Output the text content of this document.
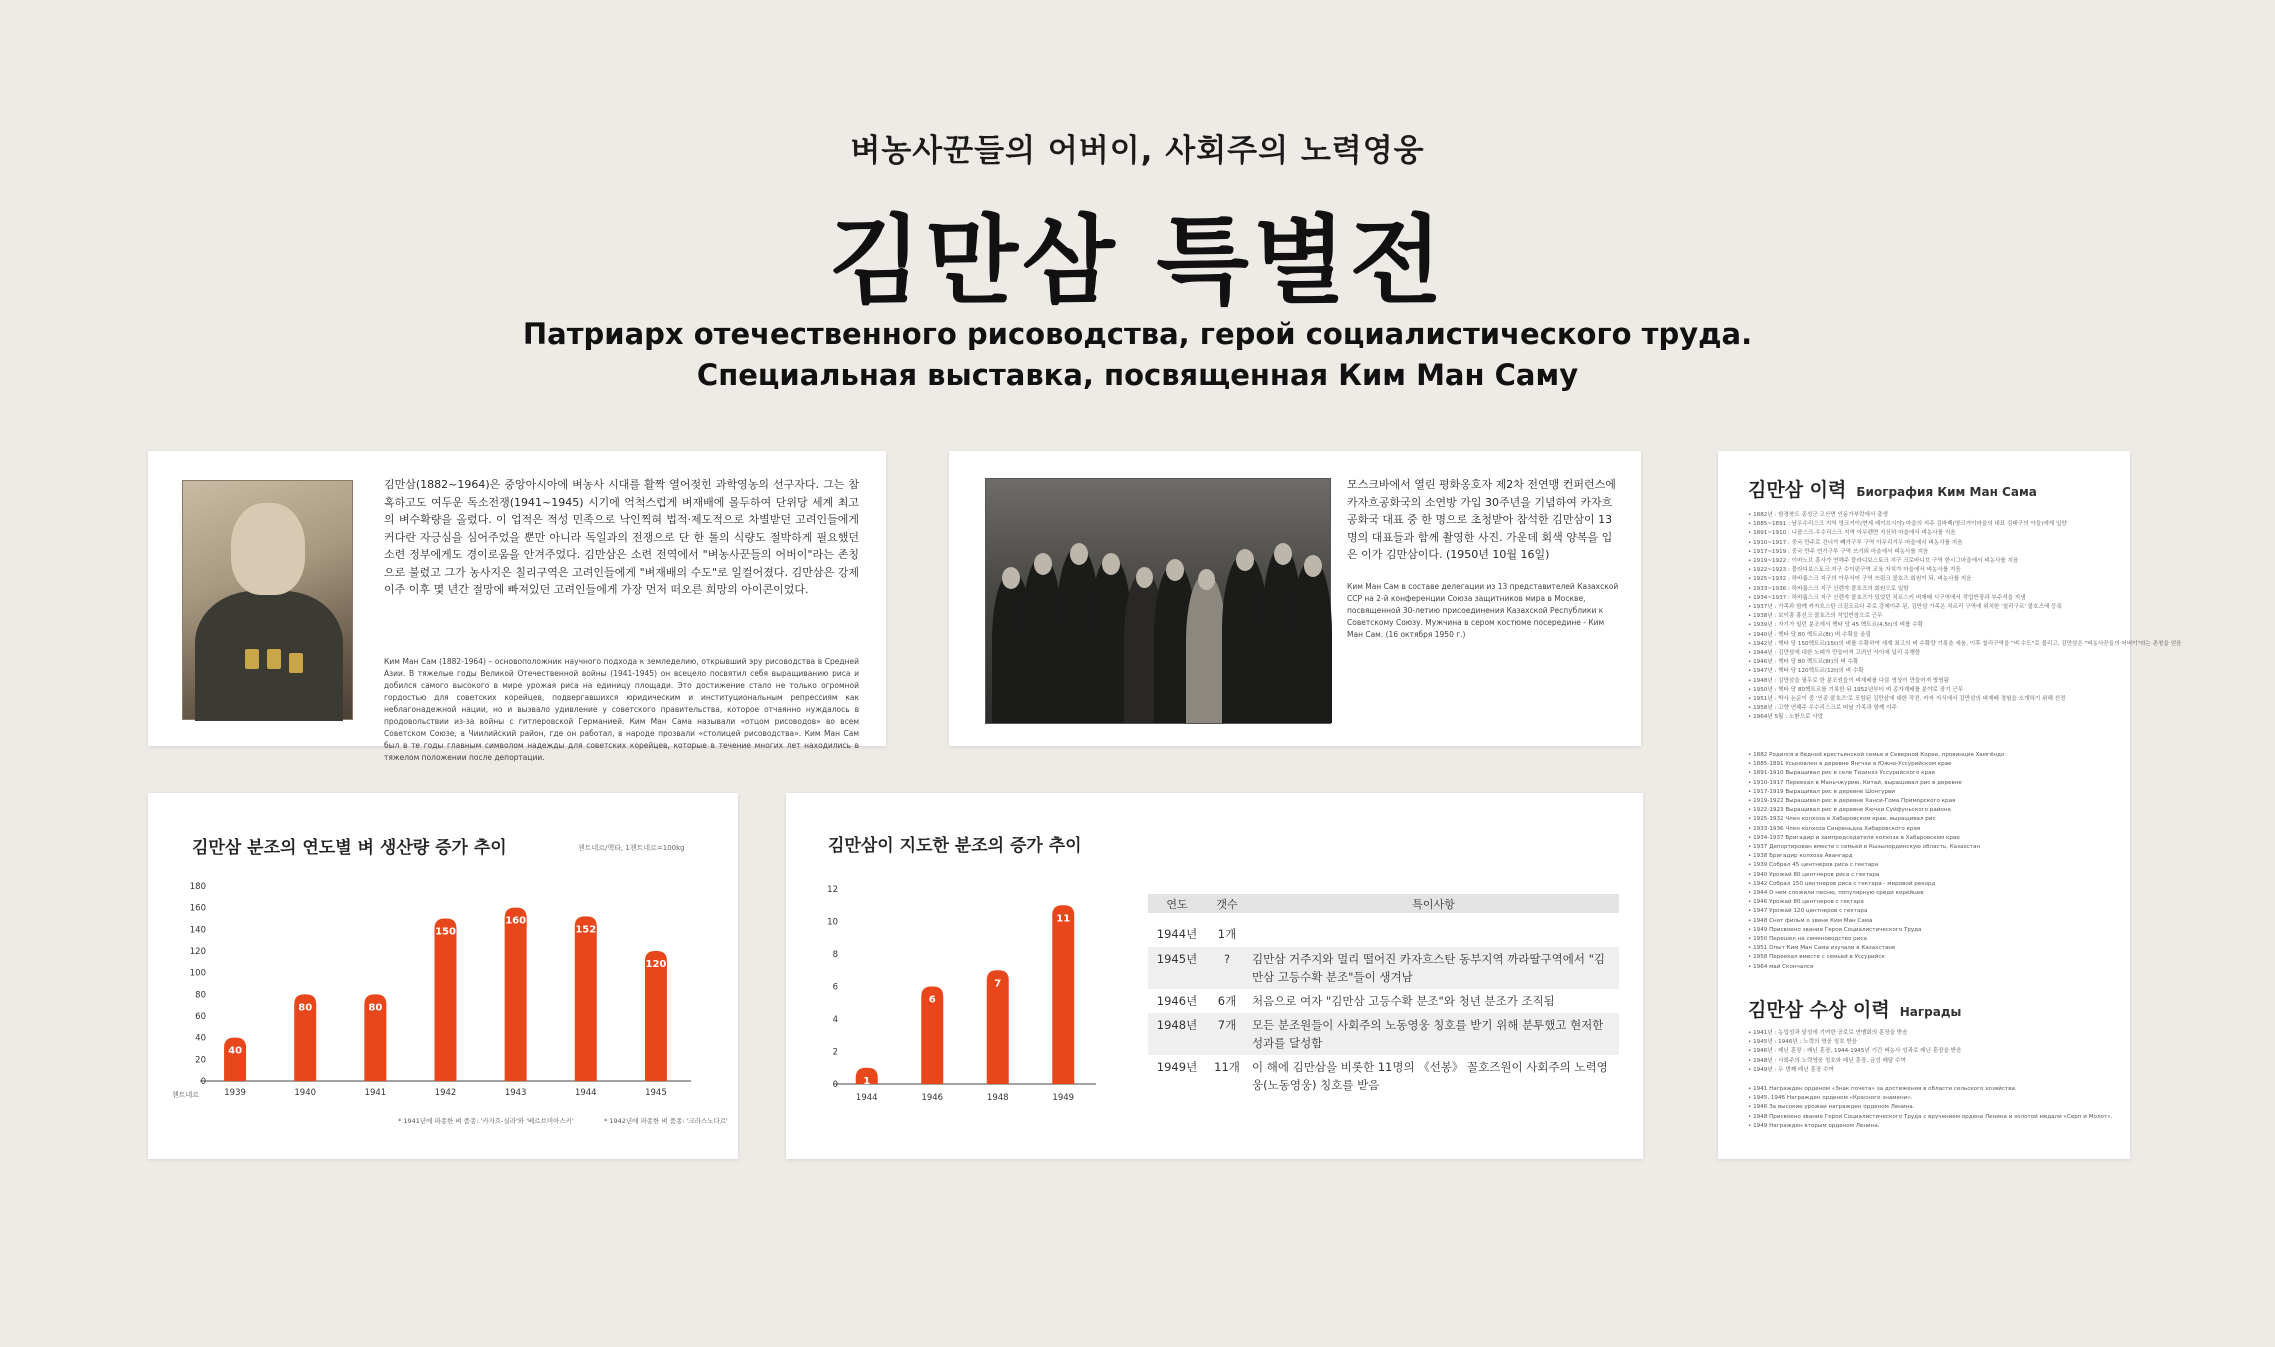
벼농사꾼들의 어버이, 사회주의 노력영웅
김만삼 특별전
Патриарх отечественного рисоводства, герой социалистического труда.
Специальная выставка, посвященная Ким Ман Саму
김만삼(1882~1964)은 중앙아시아에 벼농사 시대를 활짝 열어젖힌 과학영농의 선구자다. 그는 참혹하고도 여두운 독소전쟁(1941~1945) 시기에 억척스럽게 벼재배에 몰두하여 단위당 세계 최고의 벼수확량을 올렸다. 이 업적은 적성 민족으로 낙인찍혀 법적·제도적으로 차별받던 고려인들에게 커다란 자긍심을 심어주었을 뿐만 아니라 독일과의 전쟁으로 단 한 톨의 식량도 절박하게 필요했던 소련 정부에게도 경이로움을 안겨주었다. 김만삼은 소련 전역에서 "벼농사꾼들의 어버이"라는 존칭으로 불렸고 그가 농사지은 칠리구역은 고려인들에게 "벼재배의 수도"로 일컬어졌다. 김만삼은 강제이주 이후 몇 년간 절망에 빠져있던 고려인들에게 가장 먼저 떠오른 희망의 아이콘이었다.
Ким Ман Сам (1882-1964) – основоположник научного подхода к земледелию, открывший эру рисоводства в Средней Азии. В тяжелые годы Великой Отечественной войны (1941-1945) он всецело посвятил себя выращиванию риса и добился самого высокого в мире урожая риса на единицу площади. Это достижение стало не только огромной гордостью для советских корейцев, подвергавшихся юридическим и институциональным репрессиям как неблагонадежной нации, но и вызвало удивление у советского правительства, которое отчаянно нуждалось в продовольствии из-за войны с гитлеровской Германией. Ким Ман Сама называли «отцом рисоводов» во всем Советском Союзе, а Чиилийский район, где он работал, в народе прозвали «столицей рисоводства». Ким Ман Сам был в те годы главным символом надежды для советских корейцев, которые в течение многих лет находились в тяжелом положении после депортации.
모스크바에서 열린 평화옹호자 제2차 전연맹 컨퍼런스에 카자흐공화국의 소연방 가입 30주년을 기념하여 카자흐공화국 대표 중 한 명으로 초청받아 참석한 김만삼이 13명의 대표들과 함께 촬영한 사진. 가운데 회색 양복을 입은 이가 김만삼이다. (1950년 10월 16일)
Ким Ман Сам в составе делегации из 13 представителей Казахской ССР на 2-й конференции Союза защитников мира в Москве, посвященной 30-летию присоединения Казахской Республики к Советскому Союзу. Мужчина в сером костюме посередине - Ким Ман Сам. (16 октября 1950 г.)
김만삼 이력 Биография Ким Ман Сама
• 1882년 : 함경북도 종성군 고산면 인동가부락에서 출생
• 1885~1891 : 남우수리스크 지역 영크거이(현재 레이브시야) 마을의 지주 김바벡(영크거이마을의 대표 김태구의 아들)에게 입양
• 1891~1910 : 니콜스크-우수리스크 지역 아무렌면 지신허 마을에서 벼농사를 지음
• 1910~1917 : 중국 만주로 건너가 빼가구루 구역 아무리거우 마을에서 벼농사를 지음
• 1917~1919 : 중국 만주 연기구루 구역 쓰기뫼 마을에서 벼농사를 지음
• 1919~1922 : 이바노브 흥사가 연해주 블라디보스토크 지구 크로바니브 구역 한시그마을에서 벼농사를 지음
• 1922~1923 : 블라디보스토크 지구 수이펀구역 교육 자치가 마을에서 벼농사를 지음
• 1925~1932 : 하바롭스크 지구의 아무서어 구역 쓰림크 콜호즈 회원이 되, 벼농사를 지음
• 1933~1936 : 하바롭스크 지구 신렌쟈 콜호즈의 회원으로 일함
• 1934~1937 : 하바롭스크 지구 신렌쟈 콜호즈가 있었던 치르스키 벼재배 시구역에서 작업반장과 부주석을 지냄
• 1937년 : 가족과 함께 카자흐스탄 크질오르다 주로 강제이주 된, 김만삼 가족은 치르리 구역에 위치한 '칠리구르' 콜호즈에 등록
• 1938년 : 보이흥 흥선크 콜호즈의 작업반장으로 근무
• 1939년 : 자기가 일던 분조에서 헥타 당 45 헥트르(4.5t)의 벼를 수확
• 1940년 : 헥타 당 80 헥트르(8t) 벼 수확을 올림
• 1942년 : 헥타 당 150헥트르(15t)의 벼를 수확하여 세계 최고의 벼 수확량 기록을 세움. 이후 칠리구역을 "벼 수도"로 불리고, 김만삼은 "벼농사꾼들의 어버이"라는 존칭을 얻음
• 1944년 : 김만삼에 대한 노래가 만들어져 고려인 사이에 널리 유행함
• 1946년 : 헥타 당 80 헥트르(8t)의 벼 수확
• 1947년 : 헥타 당 120헥트르(12t)의 벼 수확
• 1948년 : 김만삼을 필두로 한 분조원들이 벼재배를 다룬 영상이 만들어져 방영됨
• 1950년 : 헥타 당 80헥트르를 기록한 뒤 1952년부터 벼 종자재배를 분야로 장기 근무
• 1951년 : 박사 논문이 중 '인종 콜호즈'로 포함된 김만삼에 대한 작전. 카자 지식에서 김만삼의 벼재배 경험을 소개하기 위해 선정
• 1958년 : 고향 연해주 우수리스크로 떠날 가족과 함께 이주
• 1964년 5월 : 노환으로 사망
• 1882 Родился в бедной крестьянской семье в Северной Корее, провинция Хамгёндо
• 1885-1891 Усыновлен в деревне Янгчхе в Южно-Уссурийском крае
• 1891-1910 Выращивал рис в селе Тизинхэ Уссурийского края
• 1910-1917 Переехал в Маньчжурию, Китай, выращивал рис в деревне
• 1917-1919 Выращивал рис в деревне Шонгурви
• 1919-1922 Выращивал рис в деревне Ханси-Гома Приморского края
• 1922-1923 Выращивал рис в деревне Кючхи Суйфуньского района
• 1925-1932 Член колхоза в Хабаровском крае, выращивал рис
• 1933-1936 Член колхоза Синреньдза Хабаровского края
• 1934-1937 Бригадир и зампредседателя колхоза в Хабаровском крае
• 1937 Депортирован вместе с семьей в Кызылординскую область, Казахстан
• 1938 Бригадир колхоза Авангард
• 1939 Собрал 45 центнеров риса с гектара
• 1940 Урожай 80 центнеров риса с гектара
• 1942 Собрал 150 центнеров риса с гектара - мировой рекорд
• 1944 О нем сложили песню, популярную среди корейцев
• 1946 Урожай 80 центнеров с гектара
• 1947 Урожай 120 центнеров с гектара
• 1948 Снят фильм о звене Ким Ман Сама
• 1949 Присвоено звание Героя Социалистического Труда
• 1950 Перешел на семеноводство риса
• 1951 Опыт Ким Ман Сама изучали в Казахстане
• 1958 Переехал вместе с семьей в Уссурийск
• 1964 май Скончался
김만삼 수상 이력 Награды
• 1941년 : 농업성과 달성에 기여한 공로로 연맹회의 훈장을 받음
• 1945년 : 1946년 : 노력의 영웅 칭호 받음
• 1946년 : 레닌 훈장 : 레닌 훈장, 1944-1945년 기간 벼농사 성과로 레닌 훈장을 받음
• 1948년 : 사회주의 노력영웅 칭호와 레닌 훈장, 금성 메달 수여
• 1949년 : 두 번째 레닌 훈장 수여
• 1941 Награжден орденом «Знак почета» за достижения в области сельского хозяйства.
• 1945, 1946 Награжден орденом «Красного знамени».
• 1946 За высокие урожаи награжден орденом Ленина.
• 1948 Присвоено звание Героя Социалистического Труда с вручением ордена Ленина и золотой медали «Серп и Молот».
• 1949 Награжден вторым орденом Ленина.
김만삼 분조의 연도별 벼 생산량 증가 추이	첸트네르/헥타, 1첸트네르=100kg
0
20
40
60
80
100
120
140
160
180
40
1939
80
1940
80
1941
150
1942
160
1943
152
1944
120
1945
첸트네르
* 1941년에 파종한 벼 품종: '카자흐-실라'와 '베르브미아스키'	* 1942년에 파종한 벼 품종: '크라스노다르'
김만삼이 지도한 분조의 증가 추이
0
2
4
6
8
10
12
1
1944
6
1946
7
1948
11
1949
연도	갯수	특이사항
1944년	1개	
1945년	?	김만삼 거주지와 멀리 떨어진 카자흐스탄 동부지역 까라딸구역에서 "김만삼 고등수확 분조"들이 생겨남
1946년	6개	처음으로 여자 "김만삼 고등수확 분조"와 청년 분조가 조직됨
1948년	7개	모든 분조원들이 사회주의 노동영웅 칭호를 받기 위해 분투했고 현저한 성과를 달성함
1949년	11개	이 해에 김만삼을 비롯한 11명의 《선봉》 꼴호즈원이 사회주의 노력영웅(노동영웅) 칭호를 받음
